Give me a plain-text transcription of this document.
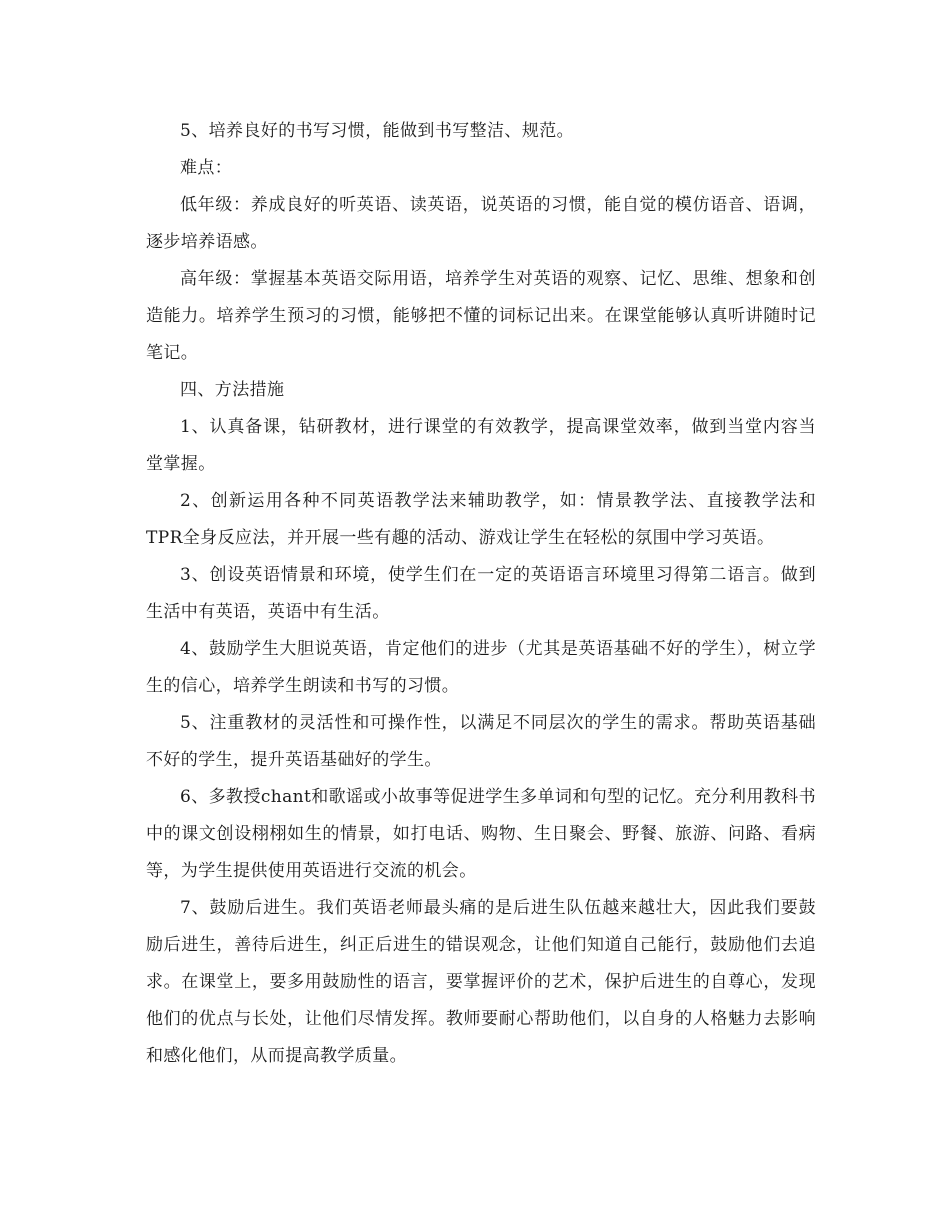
5、培养良好的书写习惯，能做到书写整洁、规范。

难点：

低年级：养成良好的听英语、读英语，说英语的习惯，能自觉的模仿语音、语调，逐步培养语感。

高年级：掌握基本英语交际用语，培养学生对英语的观察、记忆、思维、想象和创造能力。培养学生预习的习惯，能够把不懂的词标记出来。在课堂能够认真听讲随时记笔记。

四、方法措施

1、认真备课，钻研教材，进行课堂的有效教学，提高课堂效率，做到当堂内容当堂掌握。

2、创新运用各种不同英语教学法来辅助教学，如：情景教学法、直接教学法和TPR全身反应法，并开展一些有趣的活动、游戏让学生在轻松的氛围中学习英语。

3、创设英语情景和环境，使学生们在一定的英语语言环境里习得第二语言。做到生活中有英语，英语中有生活。

4、鼓励学生大胆说英语，肯定他们的进步（尤其是英语基础不好的学生），树立学生的信心，培养学生朗读和书写的习惯。

5、注重教材的灵活性和可操作性，以满足不同层次的学生的需求。帮助英语基础不好的学生，提升英语基础好的学生。

6、多教授chant和歌谣或小故事等促进学生多单词和句型的记忆。充分利用教科书中的课文创设栩栩如生的情景，如打电话、购物、生日聚会、野餐、旅游、问路、看病等，为学生提供使用英语进行交流的机会。

7、鼓励后进生。我们英语老师最头痛的是后进生队伍越来越壮大，因此我们要鼓励后进生，善待后进生，纠正后进生的错误观念，让他们知道自己能行，鼓励他们去追求。在课堂上，要多用鼓励性的语言，要掌握评价的艺术，保护后进生的自尊心，发现他们的优点与长处，让他们尽情发挥。教师要耐心帮助他们，以自身的人格魅力去影响和感化他们，从而提高教学质量。
